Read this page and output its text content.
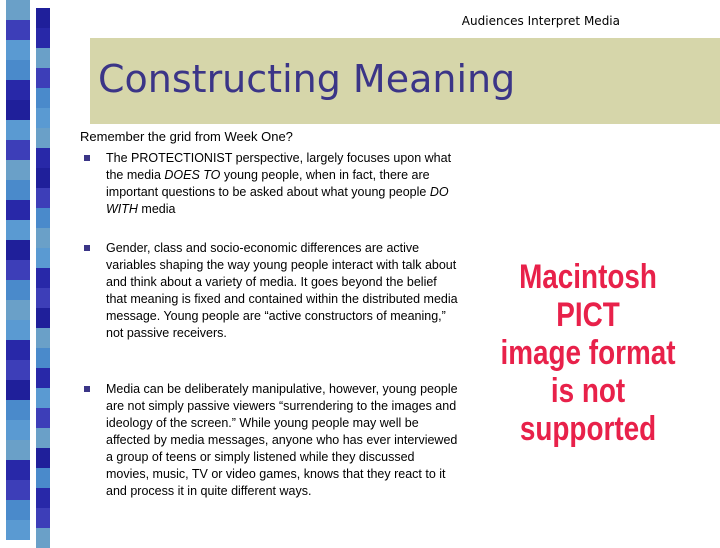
Audiences Interpret Media
Constructing Meaning
Remember the grid from Week One?
The PROTECTIONIST perspective, largely focuses upon what the media DOES TO young people, when in fact, there are important questions to be asked about what young people DO WITH media
Gender, class and socio-economic differences are active variables shaping the way young people interact with talk about and think about a variety of media. It goes beyond the belief that meaning is fixed and contained within the distributed media message. Young people are “active constructors of meaning,” not passive receivers.
Media can be deliberately manipulative, however, young people are not simply passive viewers “surrendering to the images and ideology of the screen.” While young people may well be affected by media messages, anyone who has ever interviewed a group of teens or simply listened while they discussed movies, music, TV or video games, knows that they react to it and process it in quite different ways.
Macintosh PICT
image format
is not supported
